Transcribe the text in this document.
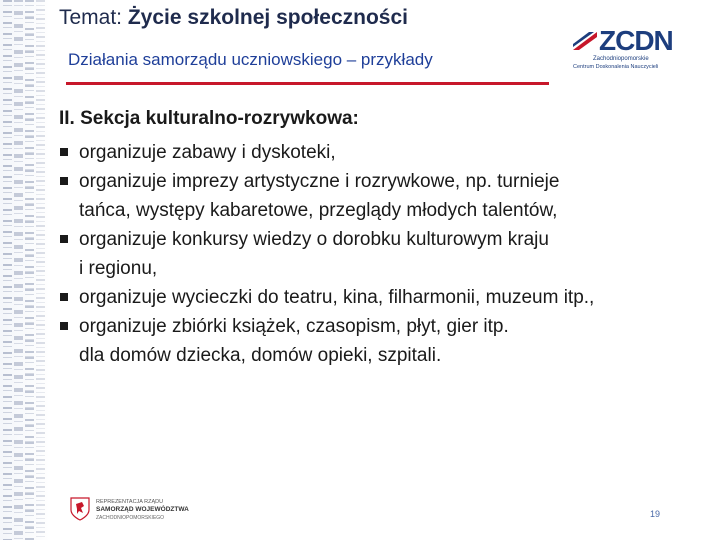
Temat: Życie szkolnej społeczności
Działania samorządu uczniowskiego – przykłady
ZCDN
Zachodniopomorskie
Centrum Doskonalenia Nauczycieli
II. Sekcja kulturalno-rozrywkowa:
organizuje zabawy i dyskoteki,
organizuje imprezy artystyczne i rozrywkowe, np. turnieje
tańca, występy kabaretowe, przeglądy młodych talentów,
organizuje konkursy wiedzy o dorobku kulturowym kraju
i regionu,
organizuje wycieczki do teatru, kina, filharmonii, muzeum itp.,
organizuje zbiórki książek, czasopism, płyt, gier itp.
dla domów dziecka, domów opieki, szpitali.
REPREZENTACJA RZĄDU
SAMORZĄD WOJEWÓDZTWA
ZACHODNIOPOMORSKIEGO	19
